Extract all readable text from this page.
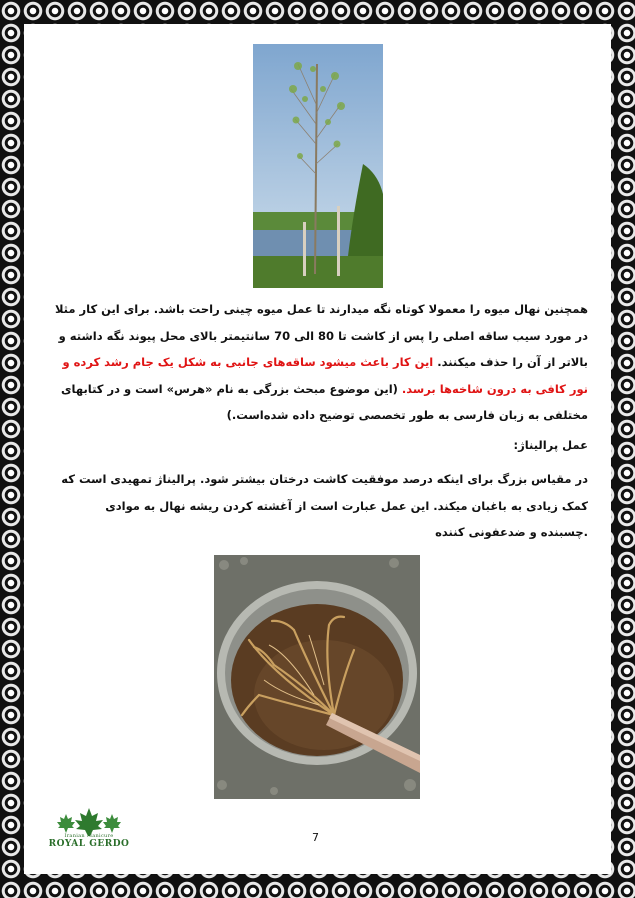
همچنین نهال میوه را معمولا کوتاه نگه میدارند تا عمل میوه چینی راحت باشد. برای این کار مثلا
در مورد سیب ساقه اصلی را پس از کاشت تا 80 الی 70 سانتیمتر بالای محل پیوند نگه داشته و
بالاتر از آن را حذف میکنند. این کار باعث میشود ساقه‌های جانبی به شکل یک جام رشد کرده و
نور کافی به درون شاخه‌ها برسد. (این موضوع مبحث بزرگی به نام «هرس» است و در کتابهای
مختلفی به زبان فارسی به طور تخصصی توضیح داده شده‌است.)
عمل پرالیناژ:
در مقیاس بزرگ برای اینکه درصد موفقیت کاشت درختان بیشتر شود. پرالیناژ تمهیدی است که
کمک زیادی به باغبان میکند. این عمل عبارت است از آغشته کردن ریشه نهال به موادی
.چسبنده و ضدعفونی کننده
Iranian Manicure
ROYAL GERDO	7
